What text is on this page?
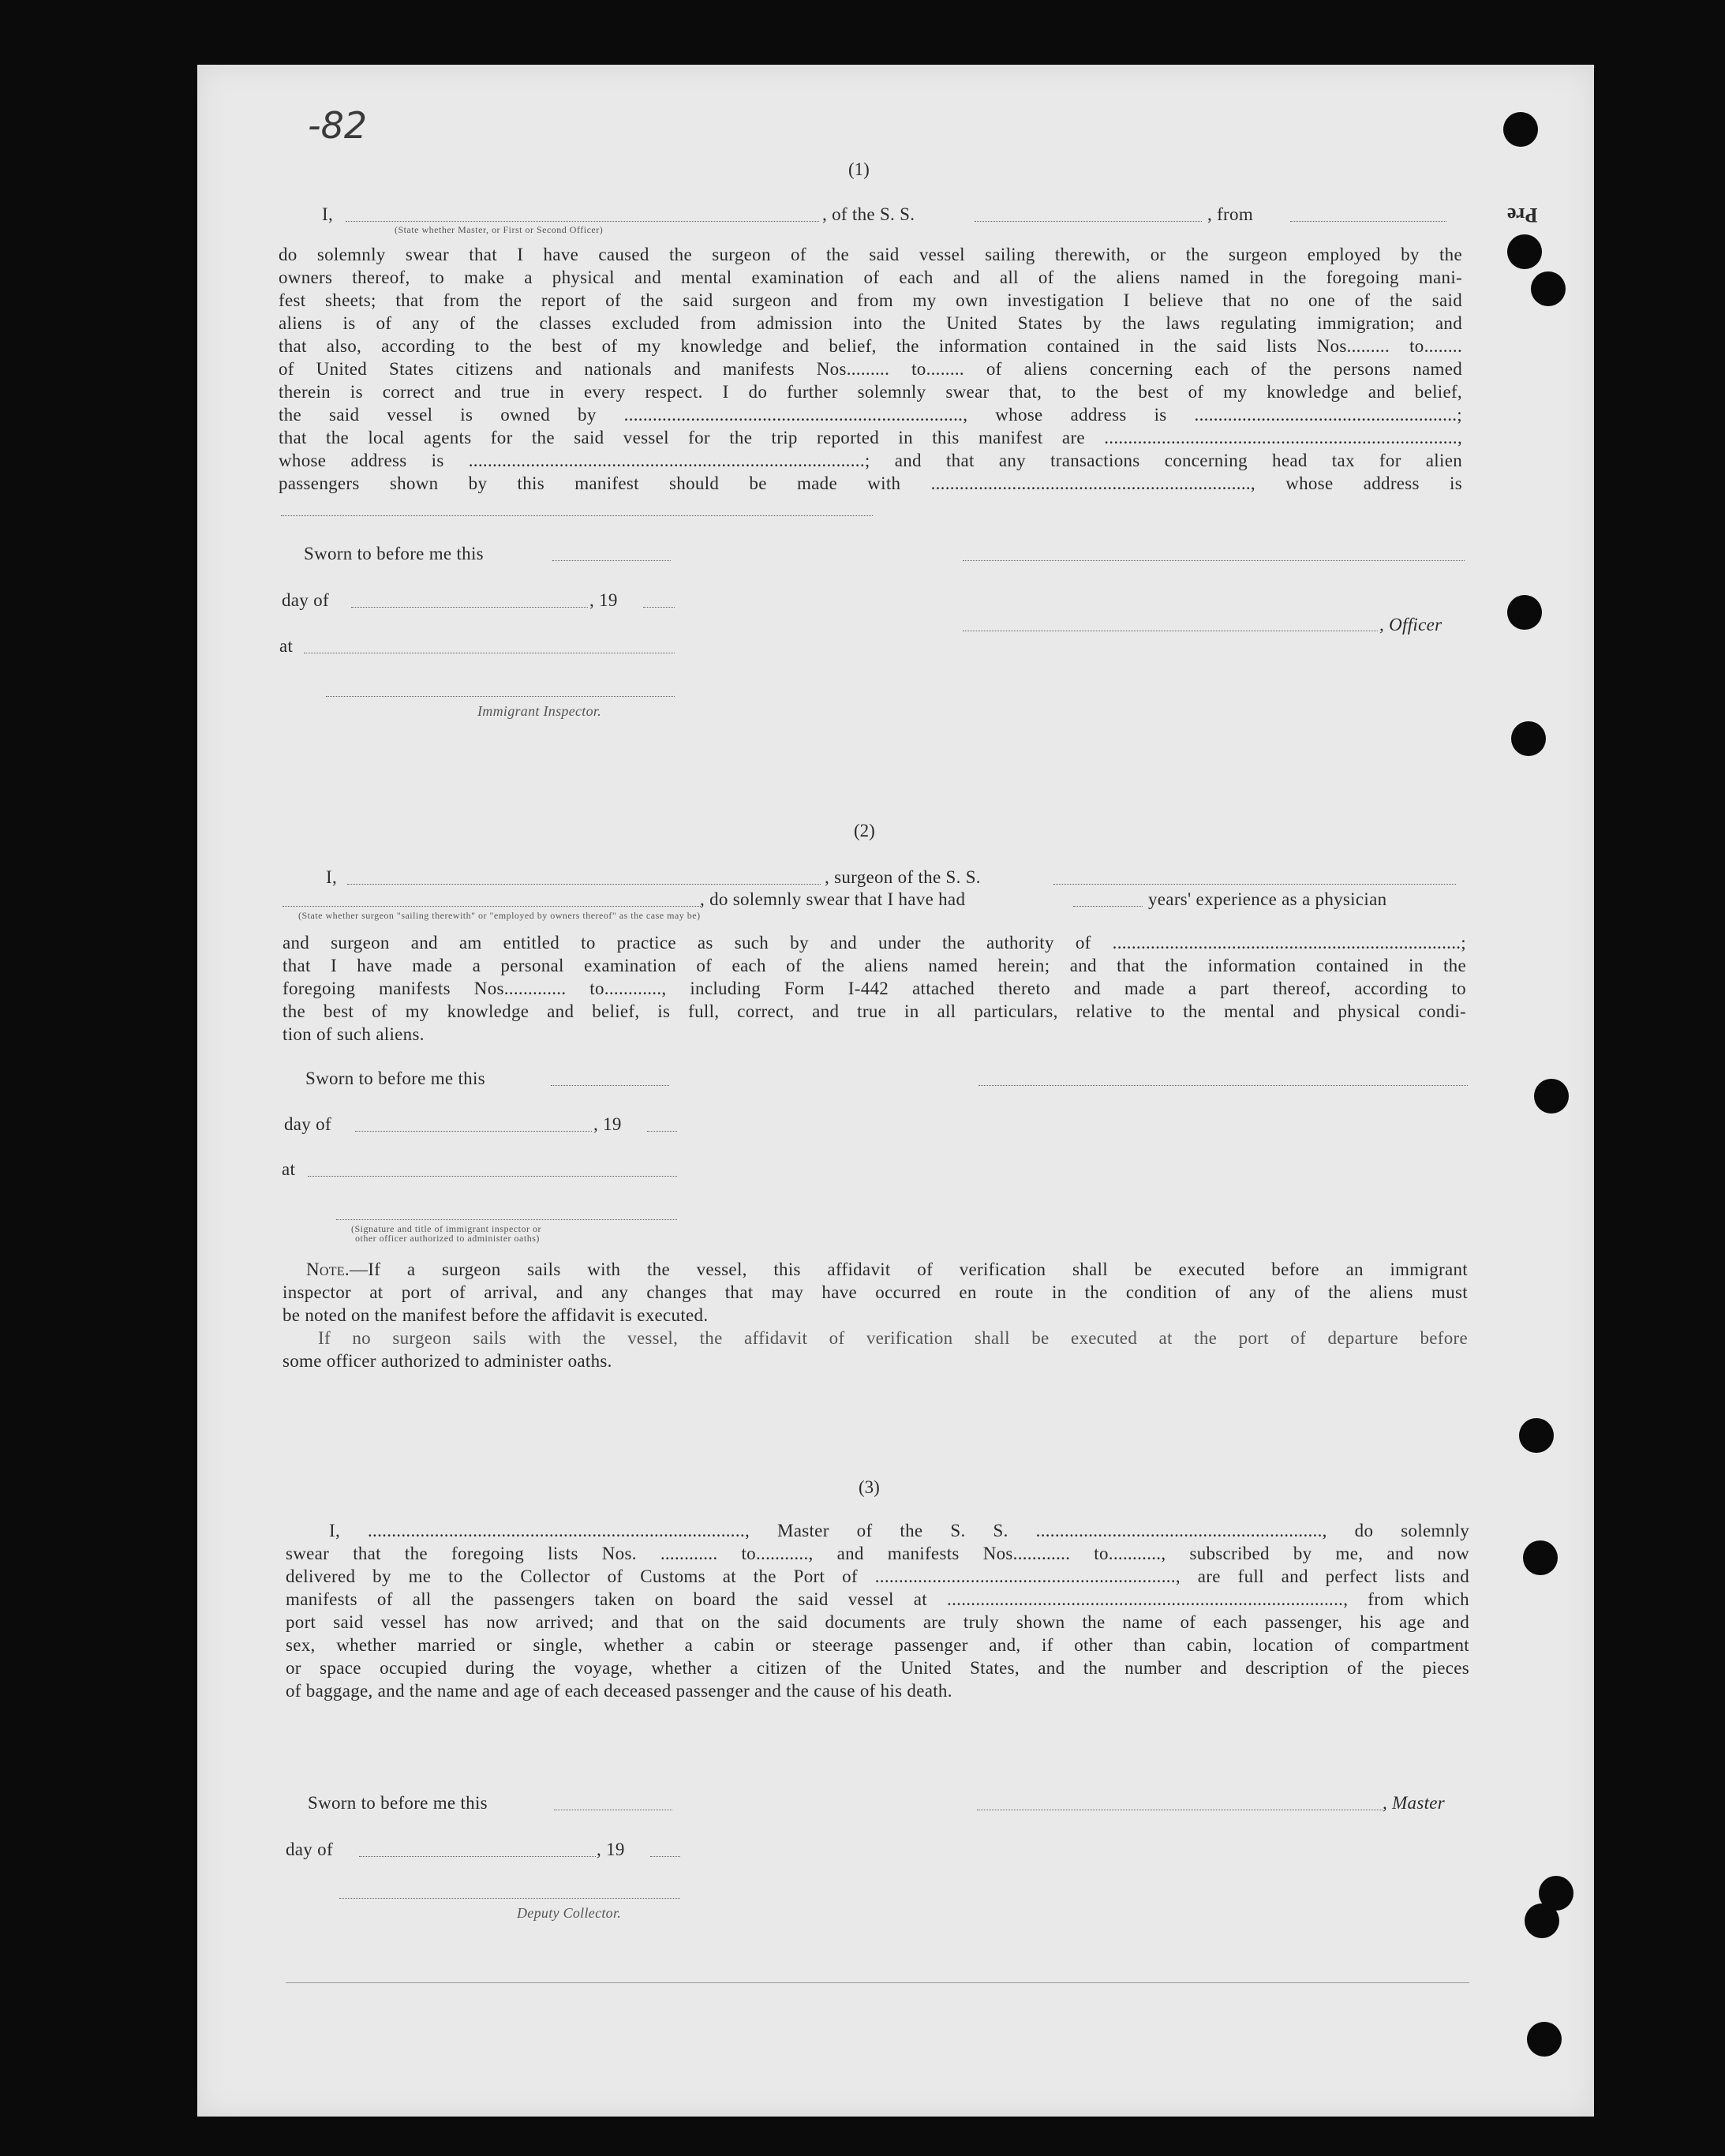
-82
Pre
(1)
I,	, of the S. S.	, from
(State whether Master, or First or Second Officer)
do solemnly swear that I have caused the surgeon of the said vessel sailing therewith, or the surgeon employed by the
owners thereof, to make a physical and mental examination of each and all of the aliens named in the foregoing mani-
fest sheets; that from the report of the said surgeon and from my own investigation I believe that no one of the said
aliens is of any of the classes excluded from admission into the United States by the laws regulating immigration; and
that also, according to the best of my knowledge and belief, the information contained in the said lists Nos......... to........
of United States citizens and nationals and manifests Nos......... to........ of aliens concerning each of the persons named
therein is correct and true in every respect. I do further solemnly swear that, to the best of my knowledge and belief,
the said vessel is owned by ......................................................................., whose address is .......................................................;
that the local agents for the said vessel for the trip reported in this manifest are ..........................................................................,
whose address is ...................................................................................; and that any transactions concerning head tax for alien
passengers shown by this manifest should be made with ..................................................................., whose address is
Sworn to before me this
day of	, 19
, Officer
at
Immigrant Inspector.
(2)
I,	, surgeon of the S. S.
, do solemnly swear that I have had	years' experience as a physician
(State whether surgeon "sailing therewith" or "employed by owners thereof" as the case may be)
and surgeon and am entitled to practice as such by and under the authority of .........................................................................;
that I have made a personal examination of each of the aliens named herein; and that the information contained in the
foregoing manifests Nos............. to............, including Form I-442 attached thereto and made a part thereof, according to
the best of my knowledge and belief, is full, correct, and true in all particulars, relative to the mental and physical condi-
tion of such aliens.
Sworn to before me this
day of	, 19
at
(Signature and title of immigrant inspector or
other officer authorized to administer oaths)
Note.—If a surgeon sails with the vessel, this affidavit of verification shall be executed before an immigrant
inspector at port of arrival, and any changes that may have occurred en route in the condition of any of the aliens must
be noted on the manifest before the affidavit is executed.
If no surgeon sails with the vessel, the affidavit of verification shall be executed at the port of departure before
some officer authorized to administer oaths.
(3)
I, ..............................................................................., Master of the S. S. ............................................................, do solemnly
swear that the foregoing lists Nos. ............ to..........., and manifests Nos............ to..........., subscribed by me, and now
delivered by me to the Collector of Customs at the Port of ..............................................................., are full and perfect lists and
manifests of all the passengers taken on board the said vessel at ..................................................................................., from which
port said vessel has now arrived; and that on the said documents are truly shown the name of each passenger, his age and
sex, whether married or single, whether a cabin or steerage passenger and, if other than cabin, location of compartment
or space occupied during the voyage, whether a citizen of the United States, and the number and description of the pieces
of baggage, and the name and age of each deceased passenger and the cause of his death.
Sworn to before me this	, Master
day of	, 19
Deputy Collector.
